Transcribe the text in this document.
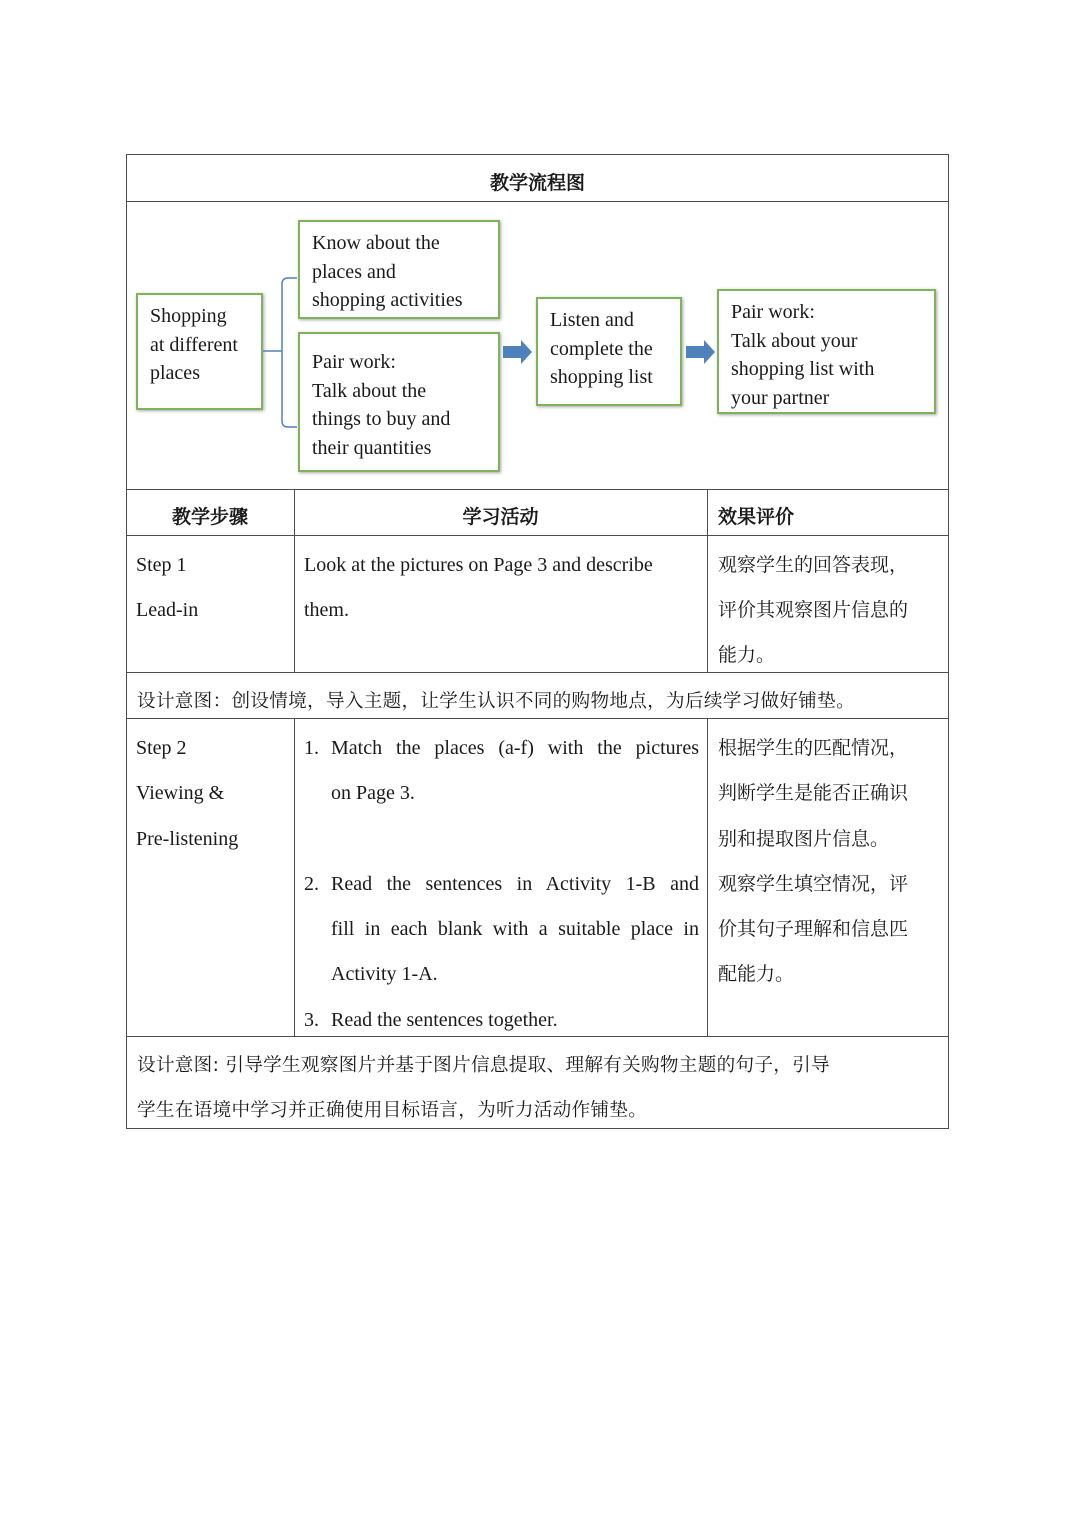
教学流程图
Shopping
at different
places
Know about the
places and
shopping activities
Pair work:
Talk about the
things to buy and
their quantities
Listen and
complete the
shopping list
Pair work:
Talk about your
shopping list with
your partner
教学步骤	学习活动	效果评价
Step 1
Lead-in
Look at the pictures on Page 3 and describe
them.
观察学生的回答表现，
评价其观察图片信息的
能力。
设计意图：创设情境，导入主题，让学生认识不同的购物地点，为后续学习做好铺垫。
Step 2
Viewing &
Pre-listening
1. Match the places (a-f) with the pictures
on Page 3.
2. Read the sentences in Activity 1-B and
fill in each blank with a suitable place in
Activity 1-A.
3. Read the sentences together.
根据学生的匹配情况，
判断学生是能否正确识
别和提取图片信息。
观察学生填空情况，评
价其句子理解和信息匹
配能力。
设计意图: 引导学生观察图片并基于图片信息提取、理解有关购物主题的句子，引导
学生在语境中学习并正确使用目标语言，为听力活动作铺垫。
